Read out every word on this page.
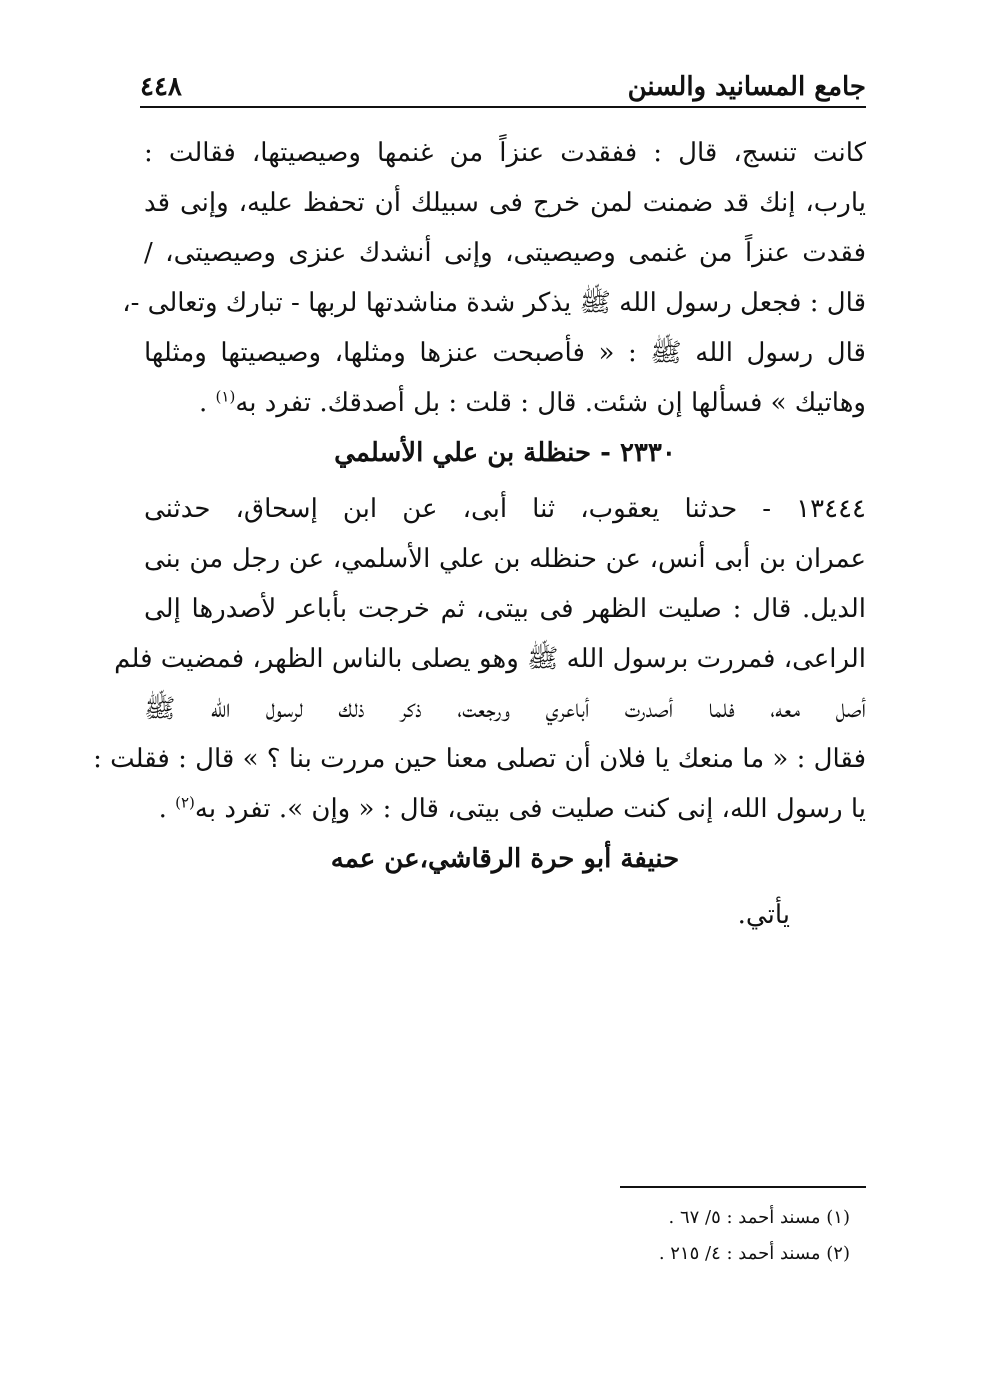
٤٤٨	جامع المسانيد والسنن
كانت تنسج، قال : ففقدت عنزاً من غنمها وصيصيتها، فقالت :
يارب، إنك قد ضمنت لمن خرج فى سبيلك أن تحفظ عليه، وإنى قد
فقدت عنزاً من غنمى وصيصيتى، وإنى أنشدك عنزى وصيصيتى، /
قال : فجعل رسول الله ﷺ يذكر شدة مناشدتها لربها - تبارك وتعالى -،
قال رسول الله ﷺ : « فأصبحت عنزها ومثلها، وصيصيتها ومثلها
وهاتيك » فسألها إن شئت. قال : قلت : بل أصدقك. تفرد به$^{(١)}$ .
٢٣٣٠ - حنظلة بن علي الأسلمي
١٣٤٤٤ - حدثنا يعقوب، ثنا أبى، عن ابن إسحاق، حدثنى
عمران بن أبى أنس، عن حنظله بن علي الأسلمي، عن رجل من بنى
الديل. قال : صليت الظهر فى بيتى، ثم خرجت بأباعر لأصدرها إلى
الراعى، فمررت برسول الله ﷺ وهو يصلى بالناس الظهر، فمضيت فلم
أصل معه، فلما أصدرت أباعري ورجعت، ذكر ذلك لرسول الله ﷺ
فقال : « ما منعك يا فلان أن تصلى معنا حين مررت بنا ؟ » قال : فقلت :
يا رسول الله، إنى كنت صليت فى بيتى، قال : « وإن ». تفرد به$^{(٢)}$ .
حنيفة أبو حرة الرقاشي،عن عمه
يأتي.
(١) مسند أحمد : ٥/ ٦٧ .
(٢) مسند أحمد : ٤/ ٢١٥ .
